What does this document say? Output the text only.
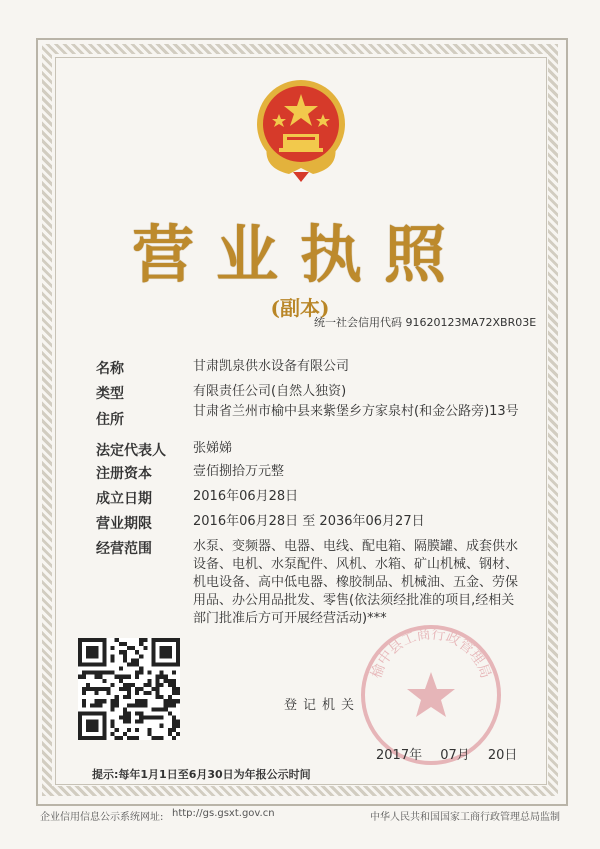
营业执照
(副本)
统一社会信用代码 91620123MA72XBR03E
名称	甘肃凯泉供水设备有限公司
类型	有限责任公司(自然人独资)
住所
甘肃省兰州市榆中县来紫堡乡方家泉村(和金公路旁)13号
法定代表人 张娣娣
注册资本	壹佰捌拾万元整
成立日期	2016年06月28日
营业期限	2016年06月28日 至 2036年06月27日
经营范围	水泵、变频器、电器、电线、配电箱、隔膜罐、成套供水设备、电机、水泵配件、风机、水箱、矿山机械、钢材、机电设备、高中低电器、橡胶制品、机械油、五金、劳保用品、办公用品批发、零售(依法须经批准的项目,经相关部门批准后方可开展经营活动)***
榆中县工商行政管理局
登记机关
2017年 07月 20日
提示:每年1月1日至6月30日为年报公示时间
企业信用信息公示系统网址: http://gs.gsxt.gov.cn	中华人民共和国国家工商行政管理总局监制
